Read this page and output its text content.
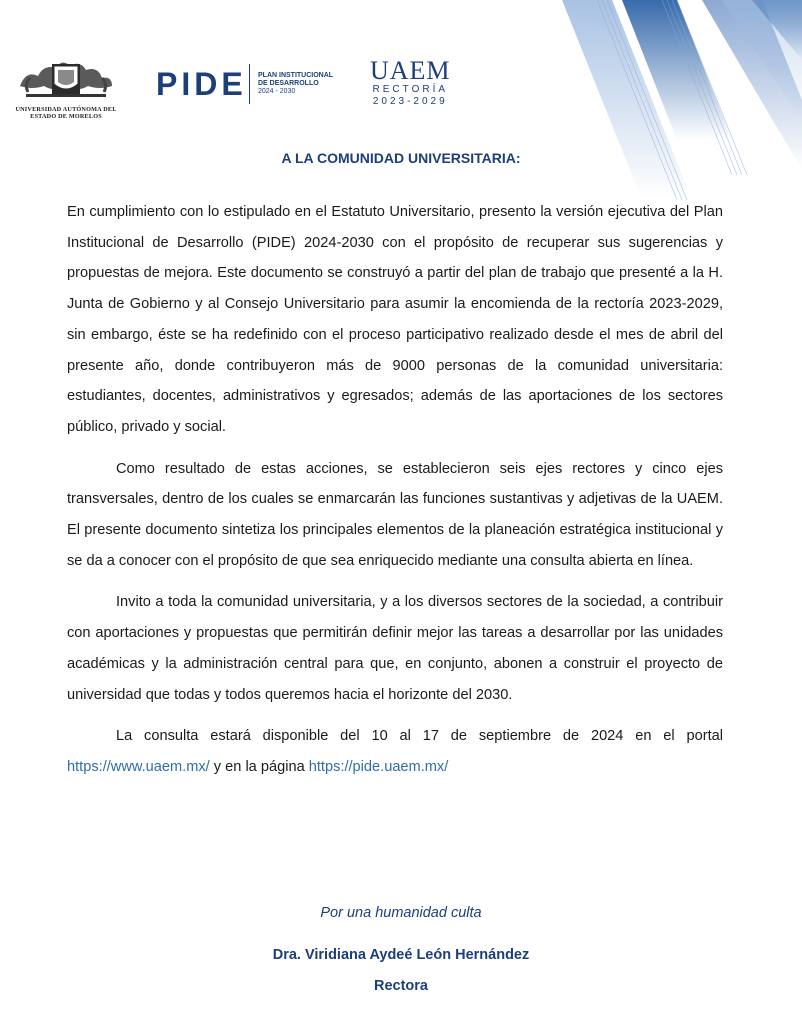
UNIVERSIDAD AUTÓNOMA DEL ESTADO DE MORELOS
PIDE PLAN INSTITUCIONAL
DE DESARROLLO
2024 - 2030
UAEM
RECTORÍA
2023-2029
A LA COMUNIDAD UNIVERSITARIA:

En cumplimiento con lo estipulado en el Estatuto Universitario, presento la versión ejecutiva del Plan Institucional de Desarrollo (PIDE) 2024-2030 con el propósito de recuperar sus sugerencias y propuestas de mejora. Este documento se construyó a partir del plan de trabajo que presenté a la H. Junta de Gobierno y al Consejo Universitario para asumir la encomienda de la rectoría 2023-2029, sin embargo, éste se ha redefinido con el proceso participativo realizado desde el mes de abril del presente año, donde contribuyeron más de 9000 personas de la comunidad universitaria: estudiantes, docentes, administrativos y egresados; además de las aportaciones de los sectores público, privado y social.

Como resultado de estas acciones, se establecieron seis ejes rectores y cinco ejes transversales, dentro de los cuales se enmarcarán las funciones sustantivas y adjetivas de la UAEM. El presente documento sintetiza los principales elementos de la planeación estratégica institucional y se da a conocer con el propósito de que sea enriquecido mediante una consulta abierta en línea.

Invito a toda la comunidad universitaria, y a los diversos sectores de la sociedad, a contribuir con aportaciones y propuestas que permitirán definir mejor las tareas a desarrollar por las unidades académicas y la administración central para que, en conjunto, abonen a construir el proyecto de universidad que todas y todos queremos hacia el horizonte del 2030.

La consulta estará disponible del 10 al 17 de septiembre de 2024 en el portal https://www.uaem.mx/ y en la página https://pide.uaem.mx/

Por una humanidad culta
Dra. Viridiana Aydeé León Hernández
Rectora
